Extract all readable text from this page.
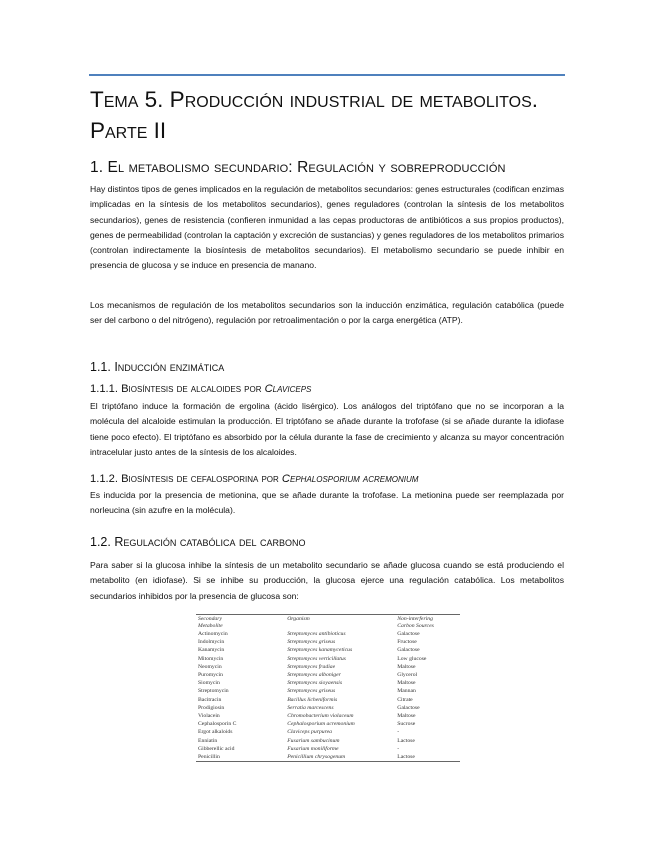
Tema 5. Producción industrial de metabolitos.
Parte II
1. El metabolismo secundario: Regulación y sobreproducción

Hay distintos tipos de genes implicados en la regulación de metabolitos secundarios: genes estructurales (codifican enzimas implicadas en la síntesis de los metabolitos secundarios), genes reguladores (controlan la síntesis de los metabolitos secundarios), genes de resistencia (confieren inmunidad a las cepas productoras de antibióticos a sus propios productos), genes de permeabilidad (controlan la captación y excreción de sustancias) y genes reguladores de los metabolitos primarios (controlan indirectamente la biosíntesis de metabolitos secundarios). El metabolismo secundario se puede inhibir en presencia de glucosa y se induce en presencia de manano.

Los mecanismos de regulación de los metabolitos secundarios son la inducción enzimática, regulación catabólica (puede ser del carbono o del nitrógeno), regulación por retroalimentación o por la carga energética (ATP).

1.1. Inducción enzimática
1.1.1. Biosíntesis de alcaloides por Claviceps

El triptófano induce la formación de ergolina (ácido lisérgico). Los análogos del triptófano que no se incorporan a la molécula del alcaloide estimulan la producción. El triptófano se añade durante la trofofase (si se añade durante la idiofase tiene poco efecto). El triptófano es absorbido por la célula durante la fase de crecimiento y alcanza su mayor concentración intracelular justo antes de la síntesis de los alcaloides.

1.1.2. Biosíntesis de cefalosporina por Cephalosporium acremonium

Es inducida por la presencia de metionina, que se añade durante la trofofase. La metionina puede ser reemplazada por norleucina (sin azufre en la molécula).

1.2. Regulación catabólica del carbono

Para saber si la glucosa inhibe la síntesis de un metabolito secundario se añade glucosa cuando se está produciendo el metabolito (en idiofase). Si se inhibe su producción, la glucosa ejerce una regulación catabólica. Los metabolitos secundarios inhibidos por la presencia de glucosa son:

Secondary
Metabolite	Organism	Non-interfering
Carbon Sources
Actinomycin	Streptomyces antibioticus	Galactose
Indolmycin	Streptomyces griseus	Fructose
Kanamycin	Streptomyces kanamyceticus	Galactose
Mitomycin	Streptomyces verticillatus	Low glucose
Neomycin	Streptomyces fradiae	Maltose
Puromycin	Streptomyces alboniger	Glycerol
Siomycin	Streptomyces sioyaensis	Maltose
Streptomycin	Streptomyces griseus	Mannan
Bacitracin	Bacillus licheniformis	Citrate
Prodigiosin	Serratia marcescens	Galactose
Violacein	Chromobacterium violaceum	Maltose
Cephalosporin C	Cephalosporium acremonium	Sucrose
Ergot alkaloids	Claviceps purpurea	-
Enniatin	Fusarium sambucinum	Lactose
Gibberellic acid	Fusarium moniliforme	-
Penicillin	Penicillium chrysogenum	Lactose
